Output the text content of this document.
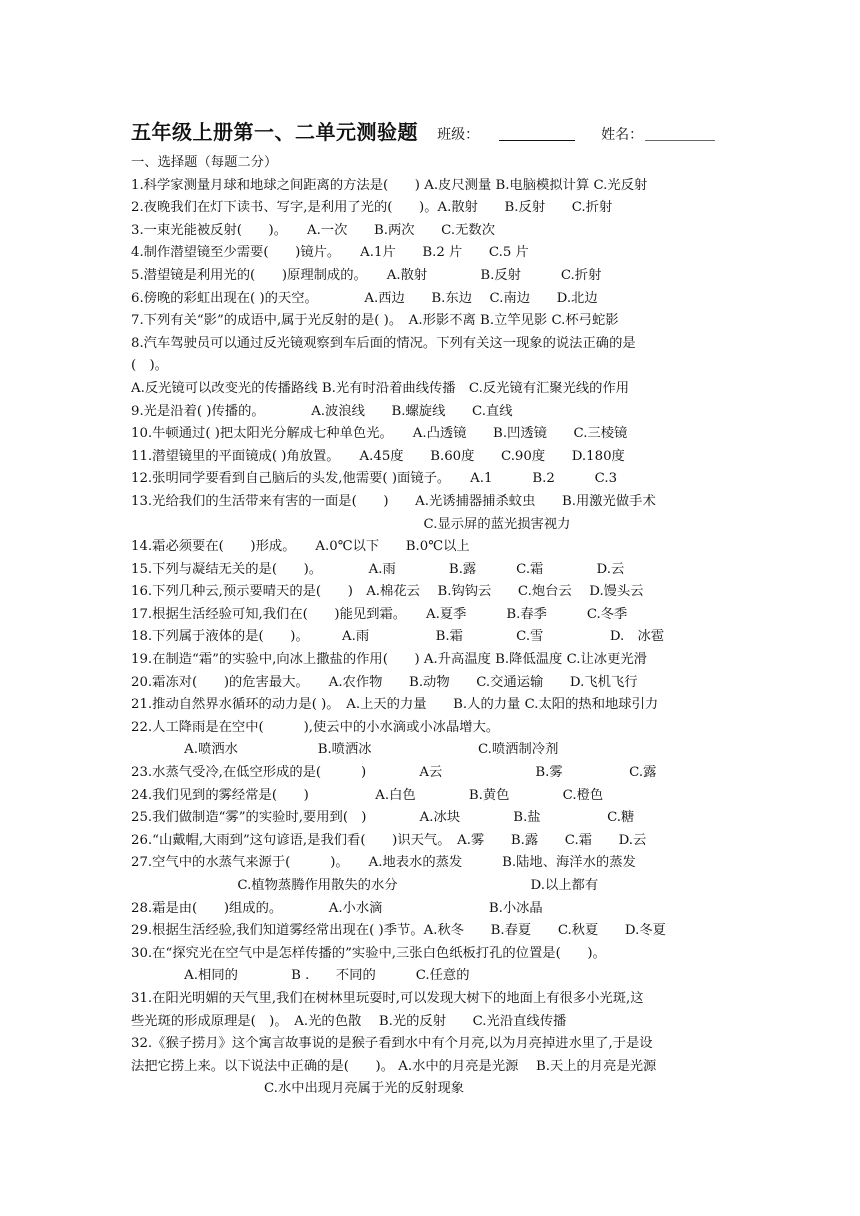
五年级上册第一、二单元测验题 班级：	姓名：
一、选择题（每题二分）
1.科学家测量月球和地球之间距离的方法是(　　) A.皮尺测量 B.电脑模拟计算 C.光反射
2.夜晚我们在灯下读书、写字,是利用了光的(　　)。A.散射　　B.反射　　C.折射
3.一束光能被反射(　　)。　　A.一次　　B.两次　　C.无数次
4.制作潜望镜至少需要(　　)镜片。　　A.1片　　B.2 片　　C.5 片
5.潜望镜是利用光的(　　)原理制成的。　　A.散射　　　　B.反射　　　C.折射
6.傍晚的彩虹出现在( )的天空。　　　　A.西边　　B.东边　 C.南边　　D.北边
7.下列有关“影”的成语中,属于光反射的是( )。　A.形影不离 B.立竿见影 C.杯弓蛇影
8.汽车驾驶员可以通过反光镜观察到车后面的情况。下列有关这一现象的说法正确的是
(　)。
A.反光镜可以改变光的传播路线 B.光有时沿着曲线传播　C.反光镜有汇聚光线的作用
9.光是沿着( )传播的。　　　　A.波浪线　　B.螺旋线　　C.直线
10.牛顿通过( )把太阳光分解成七种单色光。　　A.凸透镜　　B.凹透镜　　C.三棱镜
11.潜望镜里的平面镜成( )角放置。　　A.45度　　B.60度　　C.90度　　D.180度
12.张明同学要看到自己脑后的头发,他需要( )面镜子。　　A.1　　　B.2　　　C.3
13.光给我们的生活带来有害的一面是(　　)　　A.光诱捕器捕杀蚊虫　　B.用激光做手术
　　　　　　　　　　　　　　　　　　　　　　C.显示屏的蓝光损害视力
14.霜必须要在(　　)形成。　　A.0℃以下　　B.0℃以上
15.下列与凝结无关的是(　　)。　　　　A.雨　　　　B.露　　　C.霜　　　　D.云
16.下列几种云,预示要晴天的是(　　)　A.棉花云　 B.钩钩云　　C.炮台云　 D.馒头云
17.根据生活经验可知,我们在(　　)能见到霜。　　A.夏季　　　B.春季　　　C.冬季
18.下列属于液体的是(　　)。　　　A.雨　　　　　B.霜　　　　C.雪　　　　　D.　冰雹
19.在制造“霜”的实验中,向冰上撒盐的作用(　　) A.升高温度 B.降低温度 C.让冰更光滑
20.霜冻对(　　)的危害最大。　　A.农作物　　B.动物　　C.交通运输　　D.飞机飞行
21.推动自然界水循环的动力是( )。　A.上天的力量　　B.人的力量 C.太阳的热和地球引力
22.人工降雨是在空中(　　　),使云中的小水滴或小冰晶增大。
　　　　A.喷洒水　　　　　　B.喷洒冰　　　　　　　　C.喷洒制冷剂
23.水蒸气受冷,在低空形成的是(　　　)　　　　A云　　　　　　　B.雾　　　　　C.露
24.我们见到的雾经常是(　　)　　　　　A.白色　　　　B.黄色　　　　C.橙色
25.我们做制造“雾”的实验时,要用到(　)　　　　A.冰块　　　　B.盐　　　　　C.糖
26.“山戴帽,大雨到”这句谚语,是我们看(　　)识天气。　A.雾　　B.露　　C.霜　　D.云
27.空气中的水蒸气来源于(　　　)。　　A.地表水的蒸发　　　B.陆地、海洋水的蒸发
　　　　　　　　C.植物蒸腾作用散失的水分　　　　　　　　　　D.以上都有
28.霜是由(　　)组成的。　　　　A.小水滴　　　　　　　　B.小冰晶
29.根据生活经验,我们知道雾经常出现在( )季节。A.秋冬　　B.春夏　　C.秋夏　　D.冬夏
30.在“探究光在空气中是怎样传播的”实验中,三张白色纸板打孔的位置是(　　)。
　　　　A.相同的　　　　B .　　不同的　　　C.任意的
31.在阳光明媚的天气里,我们在树林里玩耍时,可以发现大树下的地面上有很多小光斑,这
些光斑的形成原理是(　)。　A.光的色散　 B.光的反射　　C.光沿直线传播
32.《猴子捞月》这个寓言故事说的是猴子看到水中有个月亮,以为月亮掉进水里了,于是设
法把它捞上来。以下说法中正确的是(　　)。 A.水中的月亮是光源　 B.天上的月亮是光源
　　　　　　　　　　C.水中出现月亮属于光的反射现象
